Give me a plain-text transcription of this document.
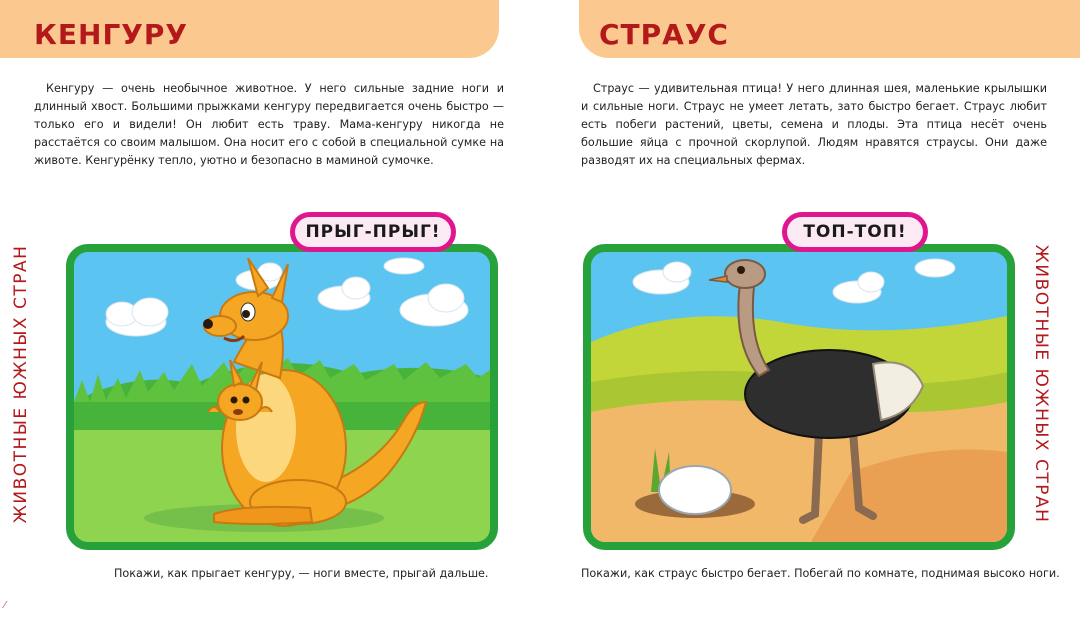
КЕНГУРУ	СТРАУС

Кенгуру — очень необычное животное. У него сильные задние ноги и длинный хвост. Большими прыжками кенгуру передвигается очень быстро — только его и видели! Он любит есть траву. Мама-кенгуру никогда не расстаётся со своим малышом. Она носит его с собой в специальной сумке на животе. Кенгурёнку тепло, уютно и безопасно в маминой сумочке.

Страус — удивительная птица! У него длинная шея, маленькие крылышки и сильные ноги. Страус не умеет летать, зато быстро бегает. Страус любит есть побеги растений, цветы, семена и плоды. Эта птица несёт очень большие яйца с прочной скорлупой. Людям нравятся страусы. Они даже разводят их на специальных фермах.

ЖИВОТНЫЕ ЮЖНЫХ СТРАН	ЖИВОТНЫЕ ЮЖНЫХ СТРАН
ПРЫГ-ПРЫГ!	ТОП-ТОП!
Покажи, как прыгает кенгуру, — ноги вместе, прыгай дальше.	Покажи, как страус быстро бегает. Побегай по комнате, поднимая высоко ноги.
⁄
